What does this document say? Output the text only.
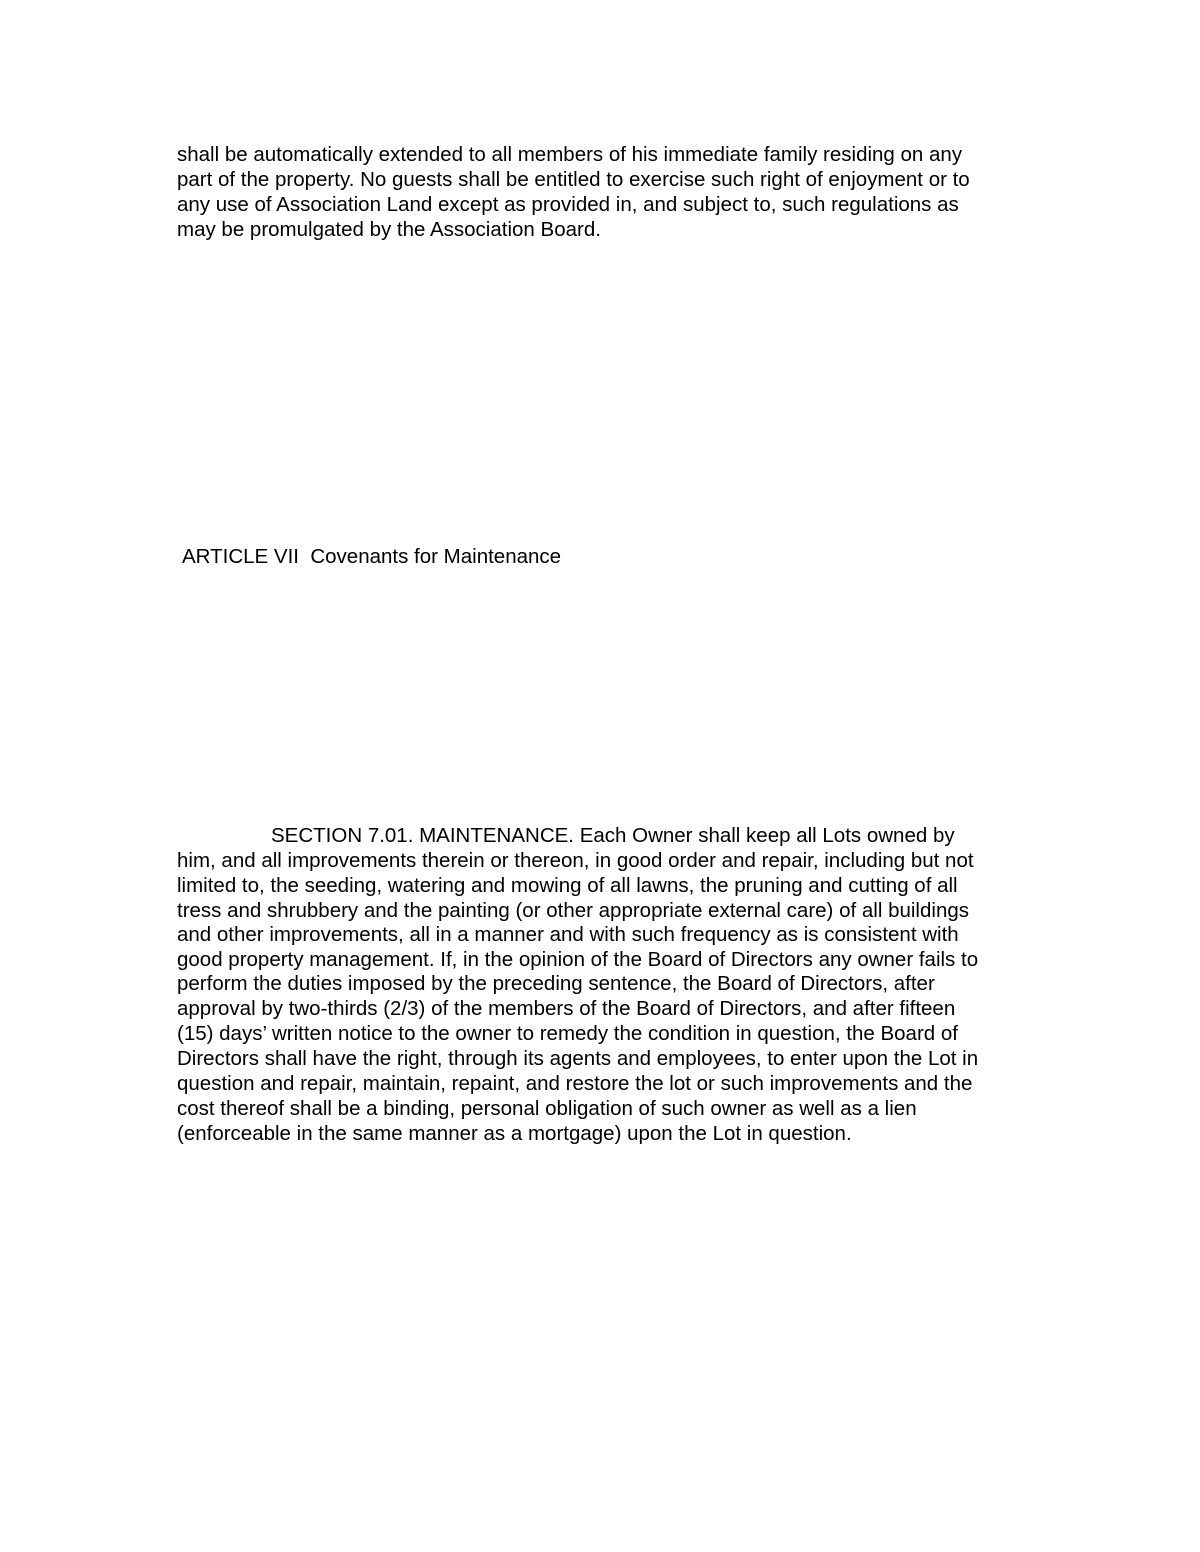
shall be automatically extended to all members of his immediate family residing on any

part of the property. No guests shall be entitled to exercise such right of enjoyment or to

any use of Association Land except as provided in, and subject to, such regulations as

may be promulgated by the Association Board.

ARTICLE VII  Covenants for Maintenance

SECTION 7.01. MAINTENANCE. Each Owner shall keep all Lots owned by

him, and all improvements therein or thereon, in good order and repair, including but not

limited to, the seeding, watering and mowing of all lawns, the pruning and cutting of all

tress and shrubbery and the painting (or other appropriate external care) of all buildings

and other improvements, all in a manner and with such frequency as is consistent with

good property management. If, in the opinion of the Board of Directors any owner fails to

perform the duties imposed by the preceding sentence, the Board of Directors, after

approval by two-thirds (2/3) of the members of the Board of Directors, and after fifteen

(15) days’ written notice to the owner to remedy the condition in question, the Board of

Directors shall have the right, through its agents and employees, to enter upon the Lot in

question and repair, maintain, repaint, and restore the lot or such improvements and the

cost thereof shall be a binding, personal obligation of such owner as well as a lien

(enforceable in the same manner as a mortgage) upon the Lot in question.
